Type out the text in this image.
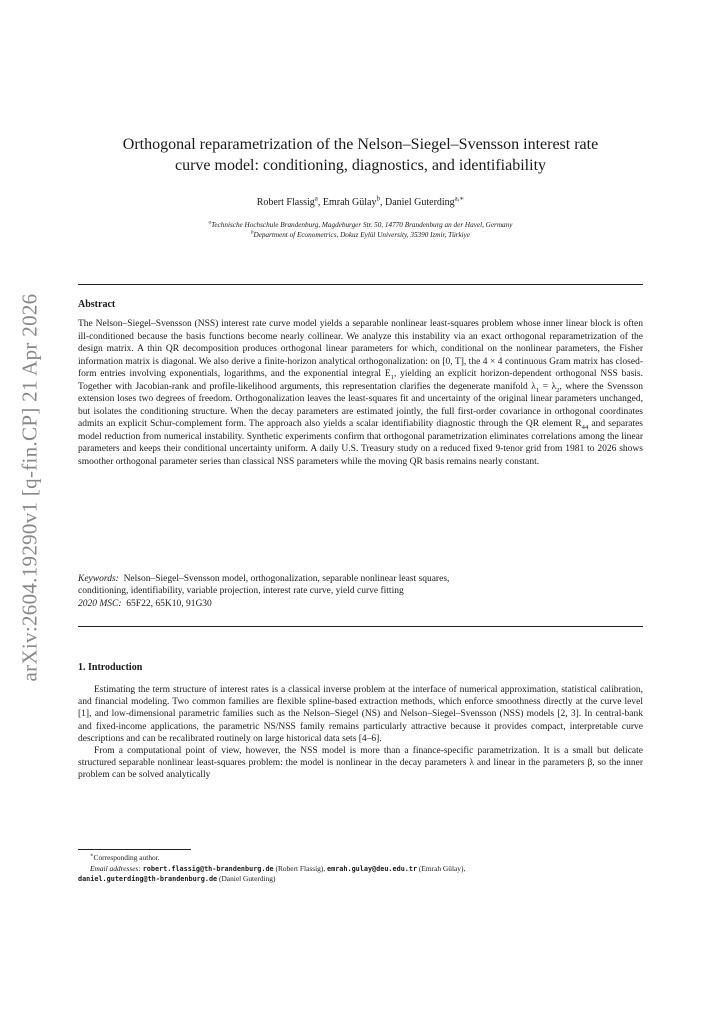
arXiv:2604.19290v1 [q-fin.CP] 21 Apr 2026
Orthogonal reparametrization of the Nelson–Siegel–Svensson interest rate
curve model: conditioning, diagnostics, and identifiability
Robert Flassig$^a$, Emrah Gülay$^b$, Daniel Guterding$^{a,∗}$
$^a$Technische Hochschule Brandenburg, Magdeburger Str. 50, 14770 Brandenburg an der Havel, Germany
$^b$Department of Econometrics, Dokuz Eylül University, 35390 Izmir, Türkiye
Abstract
The Nelson–Siegel–Svensson (NSS) interest rate curve model yields a separable nonlinear least-squares problem whose inner linear block is often ill-conditioned because the basis functions become nearly collinear. We analyze this instability via an exact orthogonal reparametrization of the design matrix. A thin QR decomposition produces orthogonal linear parameters for which, conditional on the nonlinear parameters, the Fisher information matrix is diagonal. We also derive a finite-horizon analytical orthogonalization: on [0, T], the 4 × 4 continuous Gram matrix has closed-form entries involving exponentials, logarithms, and the exponential integral $E_1$, yielding an explicit horizon-dependent orthogonal NSS basis. Together with Jacobian-rank and profile-likelihood arguments, this representation clarifies the degenerate manifold $\lambda_1 = \lambda_2$, where the Svensson extension loses two degrees of freedom. Orthogonalization leaves the least-squares fit and uncertainty of the original linear parameters unchanged, but isolates the conditioning structure. When the decay parameters are estimated jointly, the full first-order covariance in orthogonal coordinates admits an explicit Schur-complement form. The approach also yields a scalar identifiability diagnostic through the QR element $R_{44}$ and separates model reduction from numerical instability. Synthetic experiments confirm that orthogonal parametrization eliminates correlations among the linear parameters and keeps their conditional uncertainty uniform. A daily U.S. Treasury study on a reduced fixed 9-tenor grid from 1981 to 2026 shows smoother orthogonal parameter series than classical NSS parameters while the moving QR basis remains nearly constant.
Keywords: Nelson–Siegel–Svensson model, orthogonalization, separable nonlinear least squares,
conditioning, identifiability, variable projection, interest rate curve, yield curve fitting
2020 MSC: 65F22, 65K10, 91G30
1. Introduction

Estimating the term structure of interest rates is a classical inverse problem at the interface of numerical approximation, statistical calibration, and financial modeling. Two common families are flexible spline-based extraction methods, which enforce smoothness directly at the curve level [1], and low-dimensional parametric families such as the Nelson–Siegel (NS) and Nelson–Siegel–Svensson (NSS) models [2, 3]. In central-bank and fixed-income applications, the parametric NS/NSS family remains particularly attractive because it provides compact, interpretable curve descriptions and can be recalibrated routinely on large historical data sets [4–6].

From a computational point of view, however, the NSS model is more than a finance-specific parametrization. It is a small but delicate structured separable nonlinear least-squares problem: the model is nonlinear in the decay parameters λ and linear in the parameters β, so the inner problem can be solved analytically

∗Corresponding author.
Email addresses: robert.flassig@th-brandenburg.de (Robert Flassig), emrah.gulay@deu.edu.tr (Emrah Gülay),
daniel.guterding@th-brandenburg.de (Daniel Guterding)
